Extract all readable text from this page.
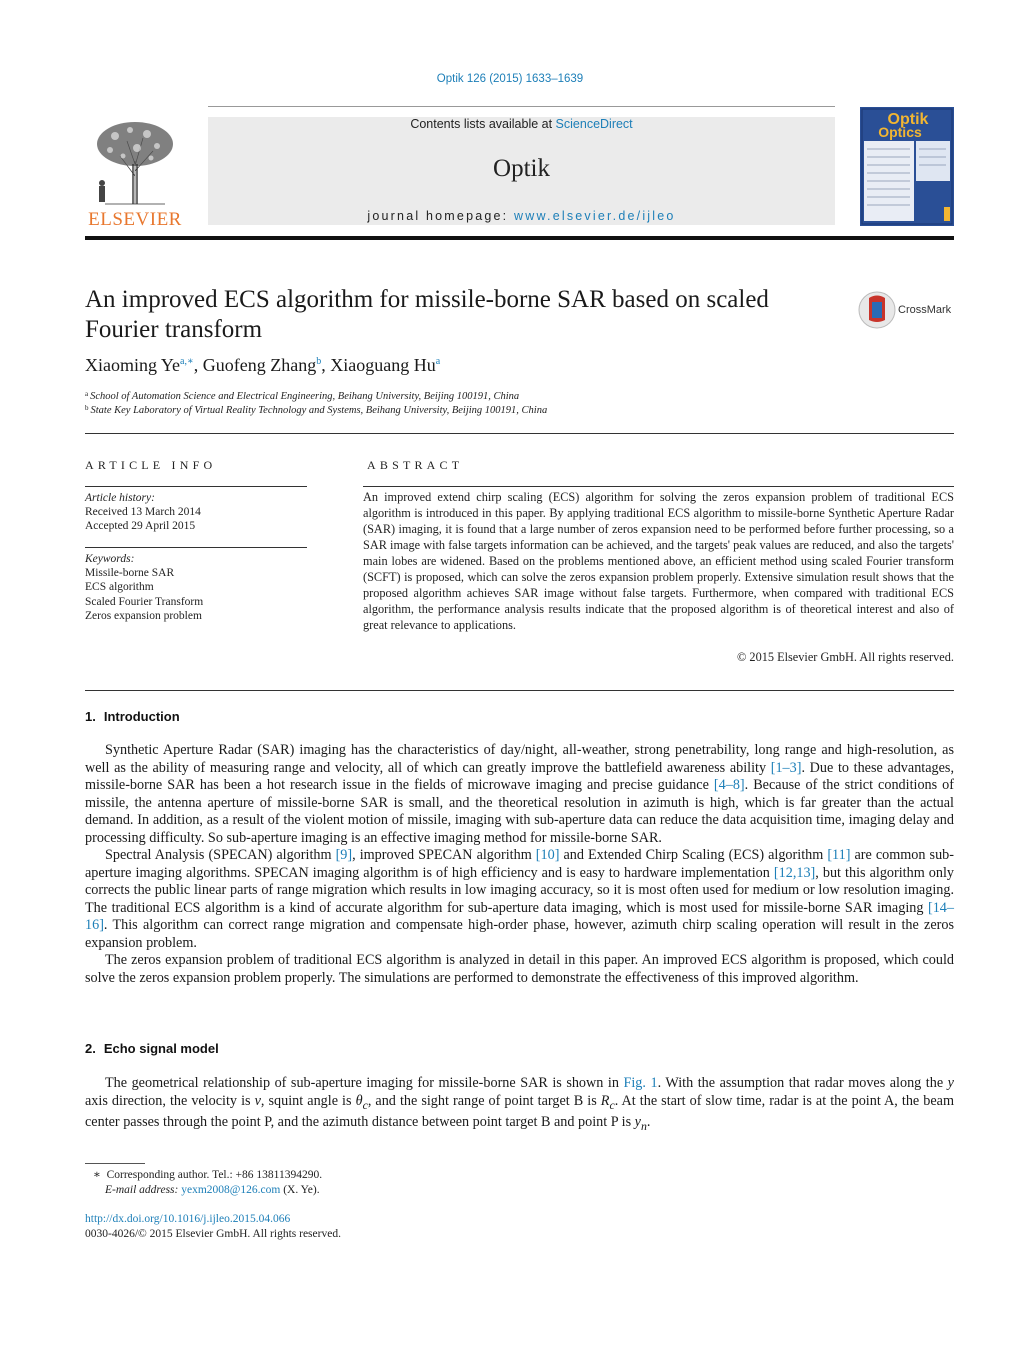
Optik 126 (2015) 1633–1639
ELSEVIER
Contents lists available at ScienceDirect
Optik
journal homepage: www.elsevier.de/ijleo
Optik
Optics
An improved ECS algorithm for missile-borne SAR based on scaled Fourier transform
CrossMark
Xiaoming $Ye^{a,∗}$, Guofeng Zhang$^b$, Xiaoguang Hu$^a$
$^a$ School of Automation Science and Electrical Engineering, Beihang University, Beijing 100191, China
$^b$ State Key Laboratory of Virtual Reality Technology and Systems, Beihang University, Beijing 100191, China
ARTICLE INFO
Article history:
Received 13 March 2014
Accepted 29 April 2015
Keywords:
Missile-borne SAR
ECS algorithm
Scaled Fourier Transform
Zeros expansion problem
ABSTRACT
An improved extend chirp scaling (ECS) algorithm for solving the zeros expansion problem of traditional ECS algorithm is introduced in this paper. By applying traditional ECS algorithm to missile-borne Synthetic Aperture Radar (SAR) imaging, it is found that a large number of zeros expansion need to be performed before further processing, so a SAR image with false targets information can be achieved, and the targets' peak values are reduced, and also the targets' main lobes are widened. Based on the problems mentioned above, an efficient method using scaled Fourier transform (SCFT) is proposed, which can solve the zeros expansion problem properly. Extensive simulation result shows that the proposed algorithm achieves SAR image without false targets. Furthermore, when compared with traditional ECS algorithm, the performance analysis results indicate that the proposed algorithm is of theoretical interest and also of great relevance to applications.
© 2015 Elsevier GmbH. All rights reserved.
1. Introduction

Synthetic Aperture Radar (SAR) imaging has the characteristics of day/night, all-weather, strong penetrability, long range and high-resolution, as well as the ability of measuring range and velocity, all of which can greatly improve the battlefield awareness ability [1–3]. Due to these advantages, missile-borne SAR has been a hot research issue in the fields of microwave imaging and precise guidance [4–8]. Because of the strict conditions of missile, the antenna aperture of missile-borne SAR is small, and the theoretical resolution in azimuth is high, which is far greater than the actual demand. In addition, as a result of the violent motion of missile, imaging with sub-aperture data can reduce the data acquisition time, imaging delay and processing difficulty. So sub-aperture imaging is an effective imaging method for missile-borne SAR.

Spectral Analysis (SPECAN) algorithm [9], improved SPECAN algorithm [10] and Extended Chirp Scaling (ECS) algorithm [11] are common sub-aperture imaging algorithms. SPECAN imaging algorithm is of high efficiency and is easy to hardware implementation [12,13], but this algorithm only corrects the public linear parts of range migration which results in low imaging accuracy, so it is most often used for medium or low resolution imaging. The traditional ECS algorithm is a kind of accurate algorithm for sub-aperture data imaging, which is most used for missile-borne SAR imaging [14–16]. This algorithm can correct range migration and compensate high-order phase, however, azimuth chirp scaling operation will result in the zeros expansion problem.

The zeros expansion problem of traditional ECS algorithm is analyzed in detail in this paper. An improved ECS algorithm is proposed, which could solve the zeros expansion problem properly. The simulations are performed to demonstrate the effectiveness of this improved algorithm.

2. Echo signal model

The geometrical relationship of sub-aperture imaging for missile-borne SAR is shown in Fig. 1. With the assumption that radar moves along the y axis direction, the velocity is v, squint angle is $\theta_c$, and the sight range of point target B is $R_c$. At the start of slow time, radar is at the point A, the beam center passes through the point P, and the azimuth distance between point target B and point P is $y_n$.

∗ Corresponding author. Tel.: +86 13811394290.
E-mail address: yexm2008@126.com (X. Ye).
http://dx.doi.org/10.1016/j.ijleo.2015.04.066
0030-4026/© 2015 Elsevier GmbH. All rights reserved.
